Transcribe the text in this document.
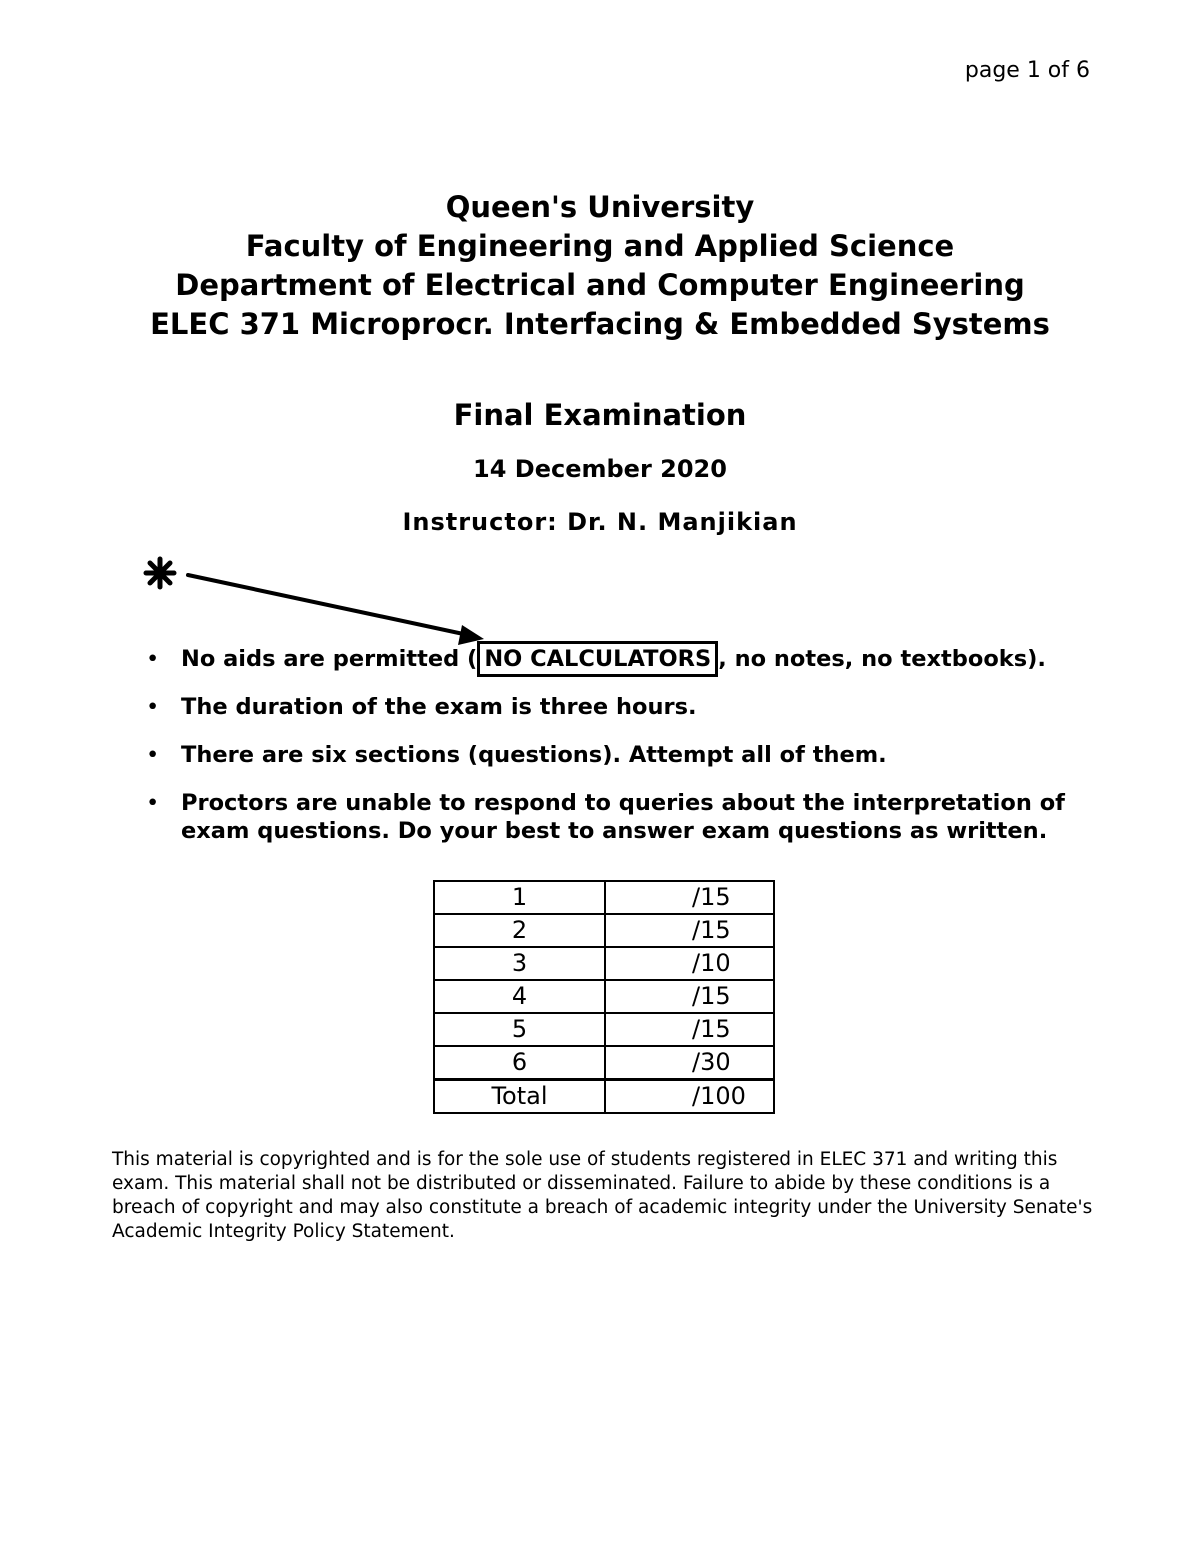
page 1 of 6
Queen's University
Faculty of Engineering and Applied Science
Department of Electrical and Computer Engineering
ELEC 371 Microprocr. Interfacing & Embedded Systems
Final Examination
14 December 2020
Instructor: Dr. N. Manjikian
• No aids are permitted ( NO CALCULATORS , no notes, no textbooks).
• The duration of the exam is three hours.
• There are six sections (questions). Attempt all of them.
• Proctors are unable to respond to queries about the interpretation of exam questions. Do your best to answer exam questions as written.
1	/15
2	/15
3	/10
4	/15
5	/15
6	/30
Total	/100
This material is copyrighted and is for the sole use of students registered in ELEC 371 and writing this exam. This material shall not be distributed or disseminated. Failure to abide by these conditions is a breach of copyright and may also constitute a breach of academic integrity under the University Senate's Academic Integrity Policy Statement.
